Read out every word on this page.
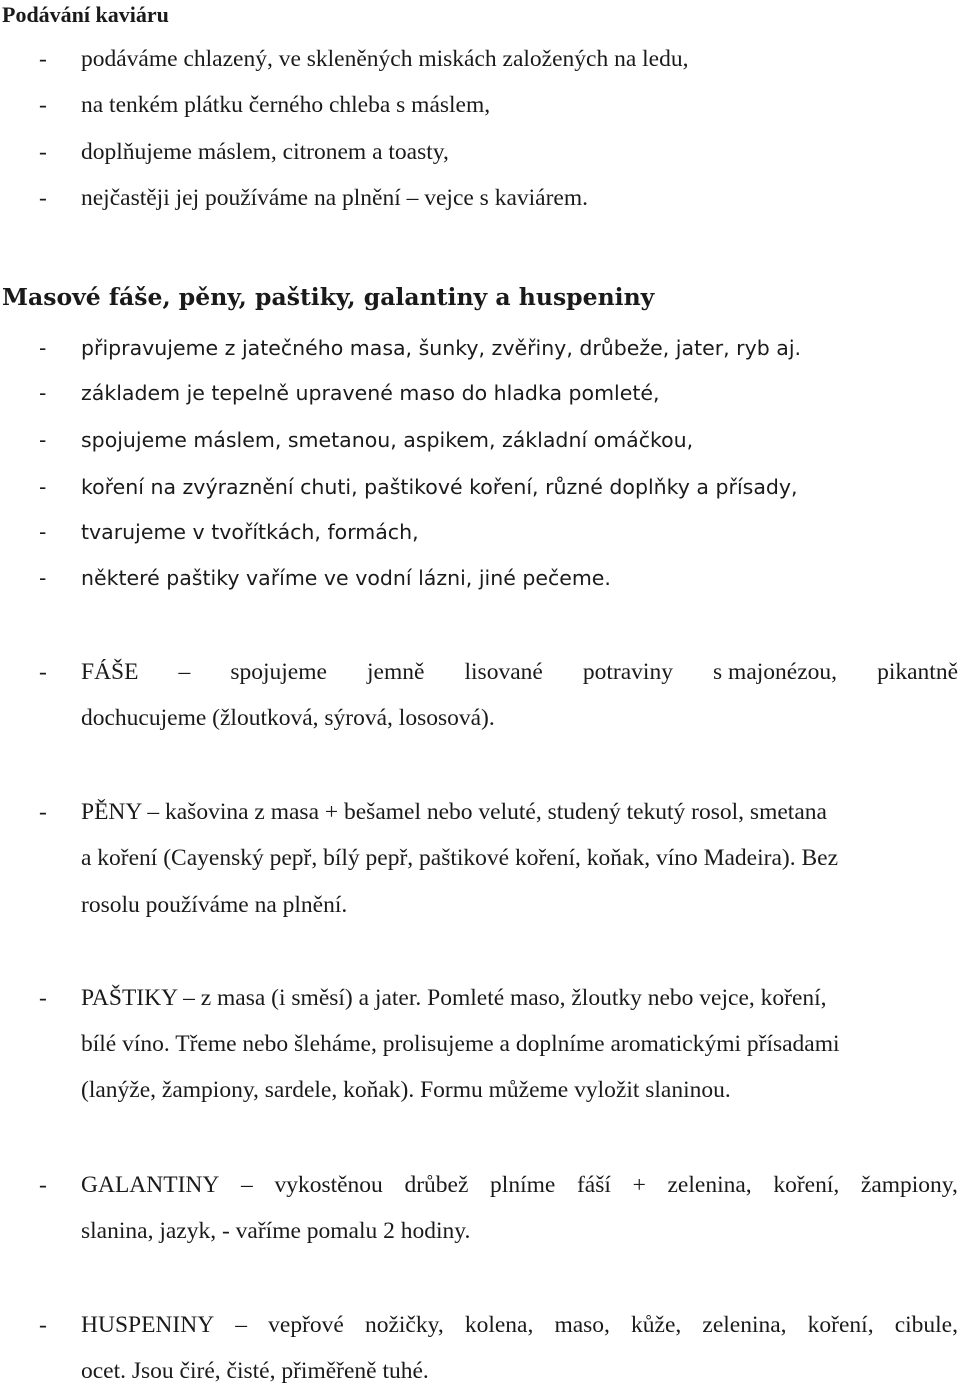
Podávání kaviáru
- podáváme chlazený, ve skleněných miskách založených na ledu,
- na tenkém plátku černého chleba s máslem,
- doplňujeme máslem, citronem a toasty,
- nejčastěji jej používáme na plnění – vejce s kaviárem.
Masové fáše, pěny, paštiky, galantiny a huspeniny
- připravujeme z jatečného masa, šunky, zvěřiny, drůbeže, jater, ryb aj.
- základem je tepelně upravené maso do hladka pomleté,
- spojujeme máslem, smetanou, aspikem, základní omáčkou,
- koření na zvýraznění chuti, paštikové koření, různé doplňky a přísady,
- tvarujeme v tvořítkách, formách,
- některé paštiky vaříme ve vodní lázni, jiné pečeme.
- FÁŠE – spojujeme jemně lisované potraviny s majonézou, pikantně
dochucujeme (žloutková, sýrová, lososová).
- PĚNY – kašovina z masa + bešamel nebo veluté, studený tekutý rosol, smetana
a koření (Cayenský pepř, bílý pepř, paštikové koření, koňak, víno Madeira). Bez
rosolu používáme na plnění.
- PAŠTIKY – z masa (i směsí) a jater. Pomleté maso, žloutky nebo vejce, koření,
bílé víno. Třeme nebo šleháme, prolisujeme a doplníme aromatickými přísadami
(lanýže, žampiony, sardele, koňak). Formu můžeme vyložit slaninou.
- GALANTINY – vykostěnou drůbež plníme fáší + zelenina, koření, žampiony,
slanina, jazyk, - vaříme pomalu 2 hodiny.
- HUSPENINY – vepřové nožičky, kolena, maso, kůže, zelenina, koření, cibule,
ocet. Jsou čiré, čisté, přiměřeně tuhé.
